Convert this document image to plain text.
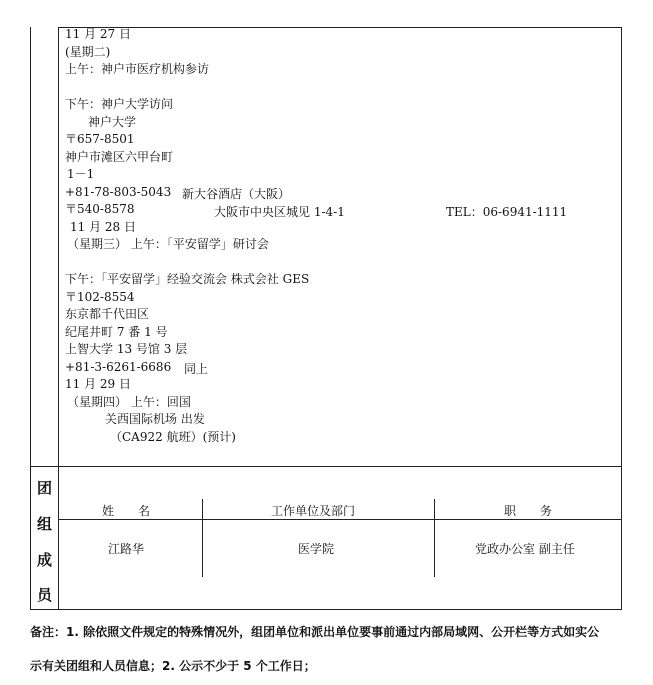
11 月 27 日
(星期二)
上午：神户市医疗机构参访
下午：神户大学访问
神户大学
〒657-8501
神户市滩区六甲台町
1－1
+81-78-803-5043
〒540-8578
11 月 28 日
（星期三） 上午：「平安留学」研讨会
下午：「平安留学」经验交流会 株式会社 GES
〒102-8554
东京都千代田区
纪尾井町 7 番 1 号
上智大学 13 号馆 3 层
+81-3-6261-6686
11 月 29 日
（星期四） 上午：回国
关西国际机场 出发
（CA922 航班）(预计)
新大谷酒店（大阪）
大阪市中央区城见 1-4-1	TEL：06-6941-1111
同上
团
组
成
员
姓　　名	工作单位及部门	职　　务
江路华	医学院	党政办公室 副主任
备注：1. 除依照文件规定的特殊情况外，组团单位和派出单位要事前通过内部局域网、公开栏等方式如实公
示有关团组和人员信息；2. 公示不少于 5 个工作日；
